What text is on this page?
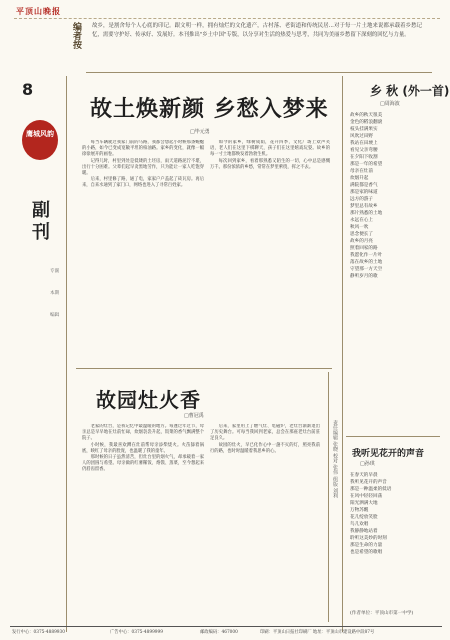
平顶山晚报
编者按	故乡，是割舍每个人心底的印记。跟文明一样，拥有灿烂的文化遗产，古村落、老街道和传统民居...对于每一片土地来说都承载着乡愁记忆，需要守护好、传承好、发展好。本刊推出"乡土中国"专版，以分享对生活的热爱与思考，共同为美丽乡愁留下深刻的回忆与力量。
8
鹰城风韵
副刊
专副
本期
编辑
故土焕新颜 乡愁入梦来
□毕元勇

每当车辆驶过我家门前的马路，我都会想起小时候那条蜿蜒的小路，如今已变成宽敞平坦的柏油路。家乡的变化，就像一幅徐徐展开的画卷。

记得儿时，村里到处是低矮的土坯房，雨天道路泥泞不堪，出行十分困难。父辈们起早贪黑地劳作，只为能让一家人吃饱穿暖。

后来，村里修了路，通了电，家家户户盖起了砖瓦房。再后来，自来水通到了家门口，网络也进入了寻常百姓家。

如今的家乡，绿树成荫，花开四季，文化广场上欢声笑语，老人们在这里下棋聊天，孩子们在这里嬉戏玩耍。故乡的每一寸土地都焕发着勃勃生机。

每次回到家乡，看着那熟悉又陌生的一切，心中总是感慨万千。那份浓浓的乡愁，常常在梦里萦绕，挥之不去。

故园灶火香
□曹冠禹

老家的灶台，是我记忆中最温暖的地方。每逢过年过节，母亲总是早早地在灶前忙碌，炊烟袅袅升起，饭菜的香气飘满整个院子。

小时候，我最喜欢蹲在灶前帮母亲添柴烧火。火苗舔着锅底，映红了母亲的脸庞，也温暖了我的童年。

那时候的日子虽然清苦，但灶台里的烟火气，却承载着一家人的团圆与希望。母亲做的红薯稀饭、烙馍、蒸菜，至今想起来仍唇齿留香。

后来，家里用上了燃气灶、电磁炉，老灶台渐渐退出了历史舞台。可每当我回到老家，总会在那座老灶台前驻足良久。

故园的灶火，早已化作心中一盏不灭的灯，照亮我前行的路，也时时温暖着我思乡的心。	责任编辑 张晓 校对 张伟 组版 刘利
乡 秋 (外一首)
□周海波
故乡的秋天很美
金色的稻浪翻滚
枝头挂满果实
风吹过田野
我站在田埂上
看见父亲弯腰
在夕阳下收割
那是一年的希望
母亲在灶前
炊烟升起
满院都是香气
那是家的味道
远方的游子
梦里总有故乡
那片熟悉的土地
永远在心上
秋风一吹
思念便长了
故乡的月亮
照着回家的路
我愿化作一片叶
落在故乡的土地
守望那一方天空
静听岁月的歌
我听见花开的声音
□孙琪
在春天的早晨
我听见花开的声音
那是一种温柔的低语
在风中轻轻回荡
阳光洒满大地
万物苏醒
花儿绽放笑脸
鸟儿欢唱
我静静地站着
聆听这美妙的时刻
那是生命的力量
也是希望的歌唱
(作者单位：平顶山市第一中学)
发行中心：0375-4889930	广告中心：0375-4899999	邮政编码：467000	印刷：平顶山日报社印刷厂 地址：平顶山市建设路中段87号
